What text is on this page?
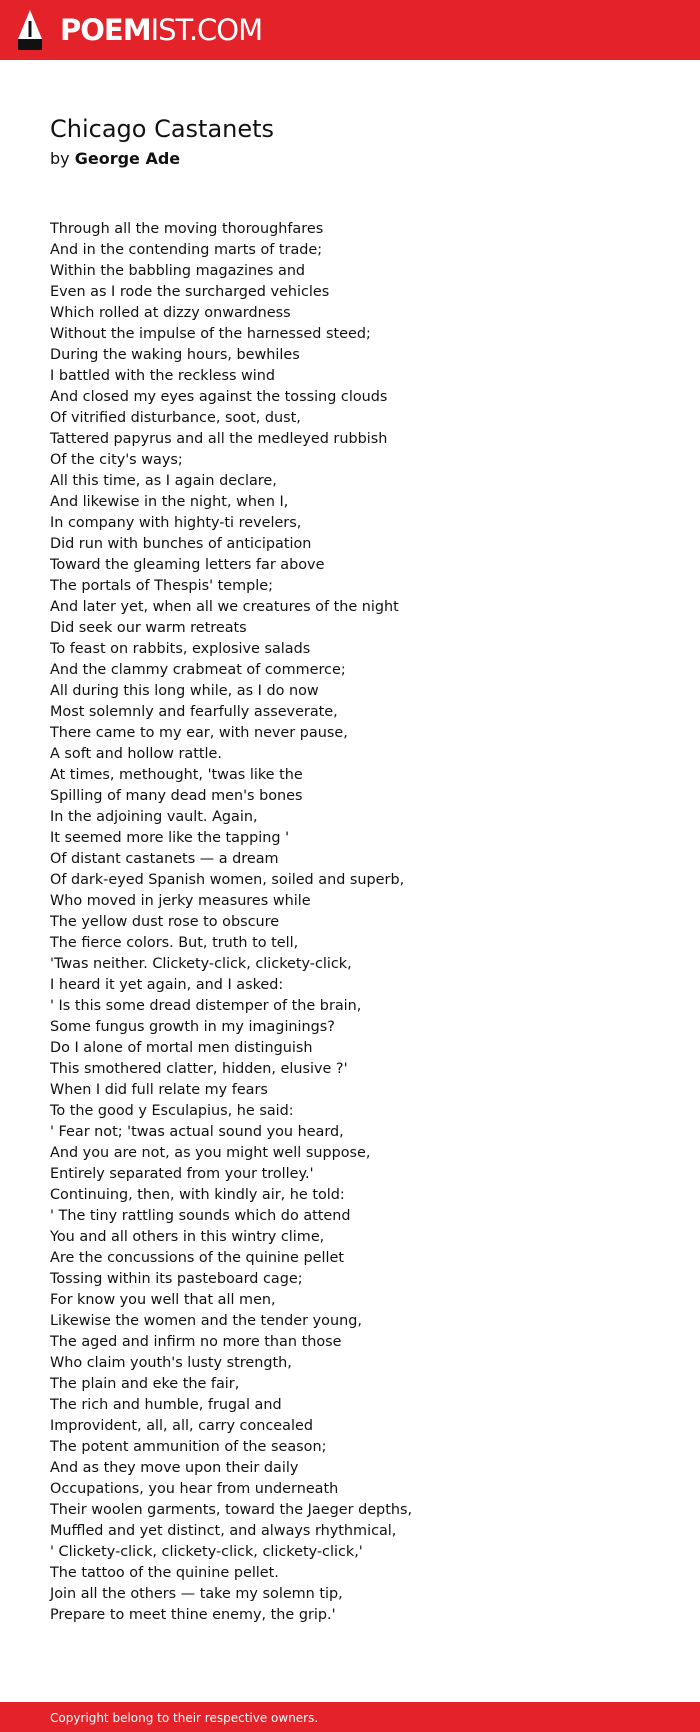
POEMIST.COM
Chicago Castanets
by George Ade
Through all the moving thoroughfares
And in the contending marts of trade;
Within the babbling magazines and
Even as I rode the surcharged vehicles
Which rolled at dizzy onwardness
Without the impulse of the harnessed steed;
During the waking hours, bewhiles
I battled with the reckless wind
And closed my eyes against the tossing clouds
Of vitrified disturbance, soot, dust,
Tattered papyrus and all the medleyed rubbish
Of the city's ways;
All this time, as I again declare,
And likewise in the night, when I,
In company with highty-ti revelers,
Did run with bunches of anticipation
Toward the gleaming letters far above
The portals of Thespis' temple;
And later yet, when all we creatures of the night
Did seek our warm retreats
To feast on rabbits, explosive salads
And the clammy crabmeat of commerce;
All during this long while, as I do now
Most solemnly and fearfully asseverate,
There came to my ear, with never pause,
A soft and hollow rattle.
At times, methought, 'twas like the
Spilling of many dead men's bones
In the adjoining vault. Again,
It seemed more like the tapping '
Of distant castanets — a dream
Of dark-eyed Spanish women, soiled and superb,
Who moved in jerky measures while
The yellow dust rose to obscure
The fierce colors. But, truth to tell,
'Twas neither. Clickety-click, clickety-click,
I heard it yet again, and I asked:
' Is this some dread distemper of the brain,
Some fungus growth in my imaginings?
Do I alone of mortal men distinguish
This smothered clatter, hidden, elusive ?'
When I did full relate my fears
To the good y Esculapius, he said:
' Fear not; 'twas actual sound you heard,
And you are not, as you might well suppose,
Entirely separated from your trolley.'
Continuing, then, with kindly air, he told:
' The tiny rattling sounds which do attend
You and all others in this wintry clime,
Are the concussions of the quinine pellet
Tossing within its pasteboard cage;
For know you well that all men,
Likewise the women and the tender young,
The aged and infirm no more than those
Who claim youth's lusty strength,
The plain and eke the fair,
The rich and humble, frugal and
Improvident, all, all, carry concealed
The potent ammunition of the season;
And as they move upon their daily
Occupations, you hear from underneath
Their woolen garments, toward the Jaeger depths,
Muffled and yet distinct, and always rhythmical,
' Clickety-click, clickety-click, clickety-click,'
The tattoo of the quinine pellet.
Join all the others — take my solemn tip,
Prepare to meet thine enemy, the grip.'
Copyright belong to their respective owners.
